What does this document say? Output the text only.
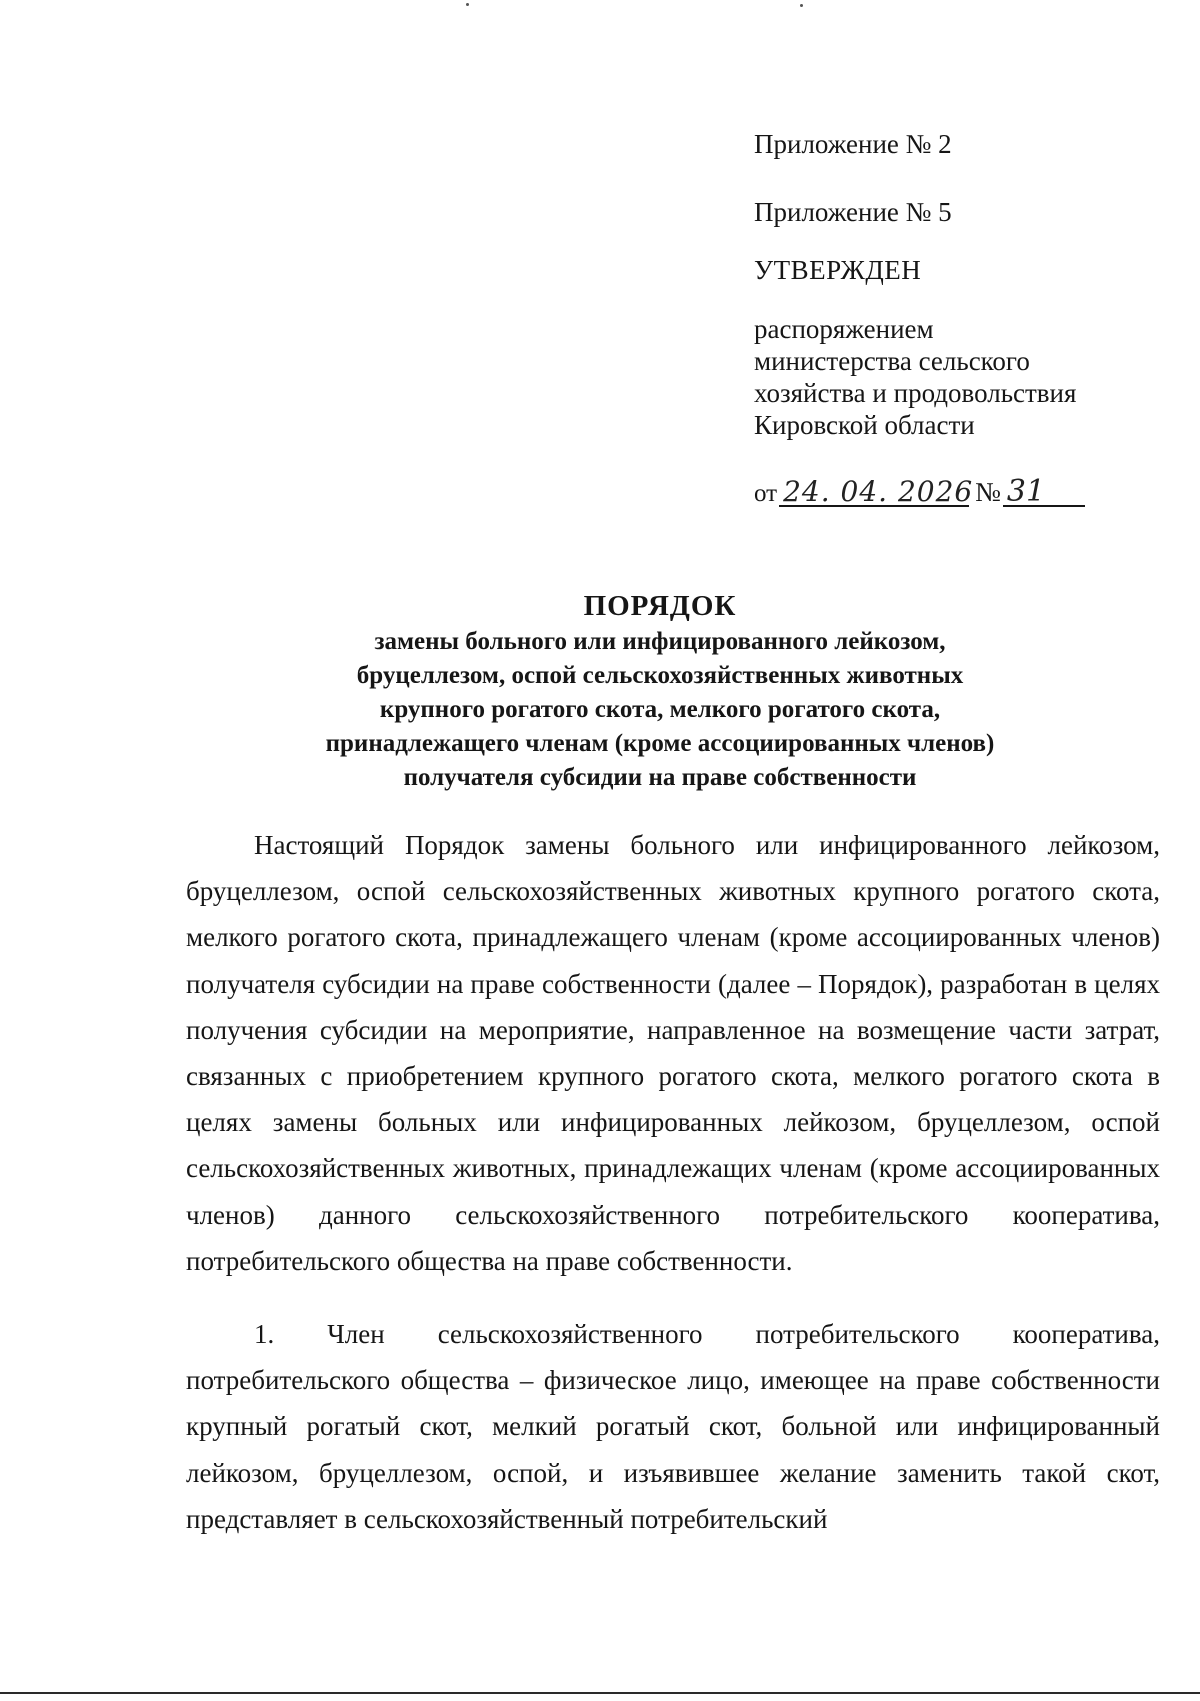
Приложение № 2
Приложение № 5
УТВЕРЖДЕН
распоряжением
министерства сельского
хозяйства и продовольствия
Кировской области
от 24. 04. 2026 № 31
ПОРЯДОК
замены больного или инфицированного лейкозом,
бруцеллезом, оспой сельскохозяйственных животных
крупного рогатого скота, мелкого рогатого скота,
принадлежащего членам (кроме ассоциированных членов)
получателя субсидии на праве собственности

Настоящий Порядок замены больного или инфицированного лейкозом, бруцеллезом, оспой сельскохозяйственных животных крупного рогатого скота, мелкого рогатого скота, принадлежащего членам (кроме ассоциированных членов) получателя субсидии на праве собственности (далее – Порядок), разработан в целях получения субсидии на мероприятие, направленное на возмещение части затрат, связанных с приобретением крупного рогатого скота, мелкого рогатого скота в целях замены больных или инфицированных лейкозом, бруцеллезом, оспой сельскохозяйственных животных, принадлежащих членам (кроме ассоциированных членов) данного сельскохозяйственного потребительского кооператива, потребительского общества на праве собственности.

1. Член сельскохозяйственного потребительского кооператива, потребительского общества – физическое лицо, имеющее на праве собственности крупный рогатый скот, мелкий рогатый скот, больной или инфицированный лейкозом, бруцеллезом, оспой, и изъявившее желание заменить такой скот, представляет в сельскохозяйственный потребительский
